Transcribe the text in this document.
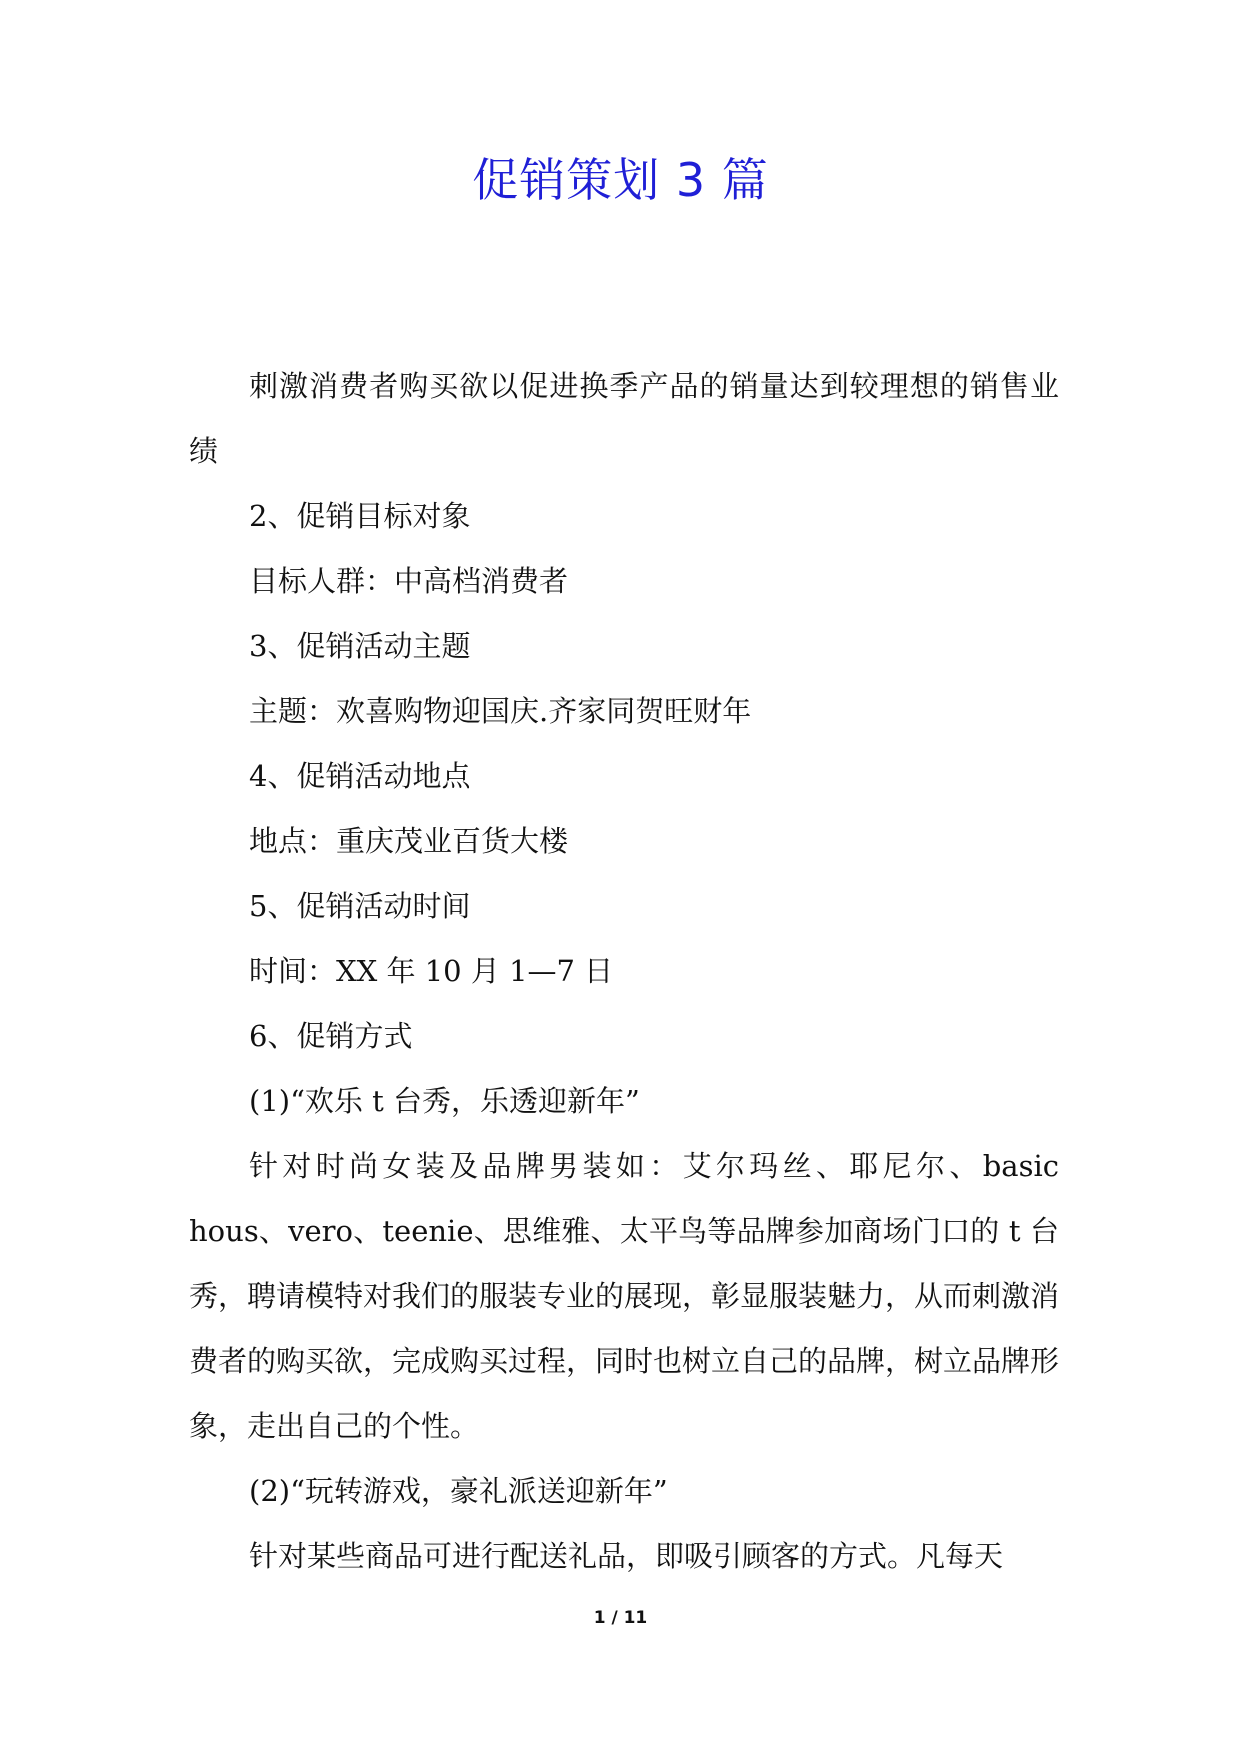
促销策划 3 篇

刺激消费者购买欲以促进换季产品的销量达到较理想的销售业绩

2、促销目标对象

目标人群：中高档消费者

3、促销活动主题

主题：欢喜购物迎国庆.齐家同贺旺财年

4、促销活动地点

地点：重庆茂业百货大楼

5、促销活动时间

时间：XX 年 10 月 1—7 日

6、促销方式

(1)“欢乐 t 台秀，乐透迎新年”

针对时尚女装及品牌男装如：艾尔玛丝、耶尼尔、basic hous、vero、teenie、思维雅、太平鸟等品牌参加商场门口的 t 台秀，聘请模特对我们的服装专业的展现，彰显服装魅力，从而刺激消费者的购买欲，完成购买过程，同时也树立自己的品牌，树立品牌形象，走出自己的个性。

(2)“玩转游戏，豪礼派送迎新年”

针对某些商品可进行配送礼品，即吸引顾客的方式。凡每天

1 / 11
